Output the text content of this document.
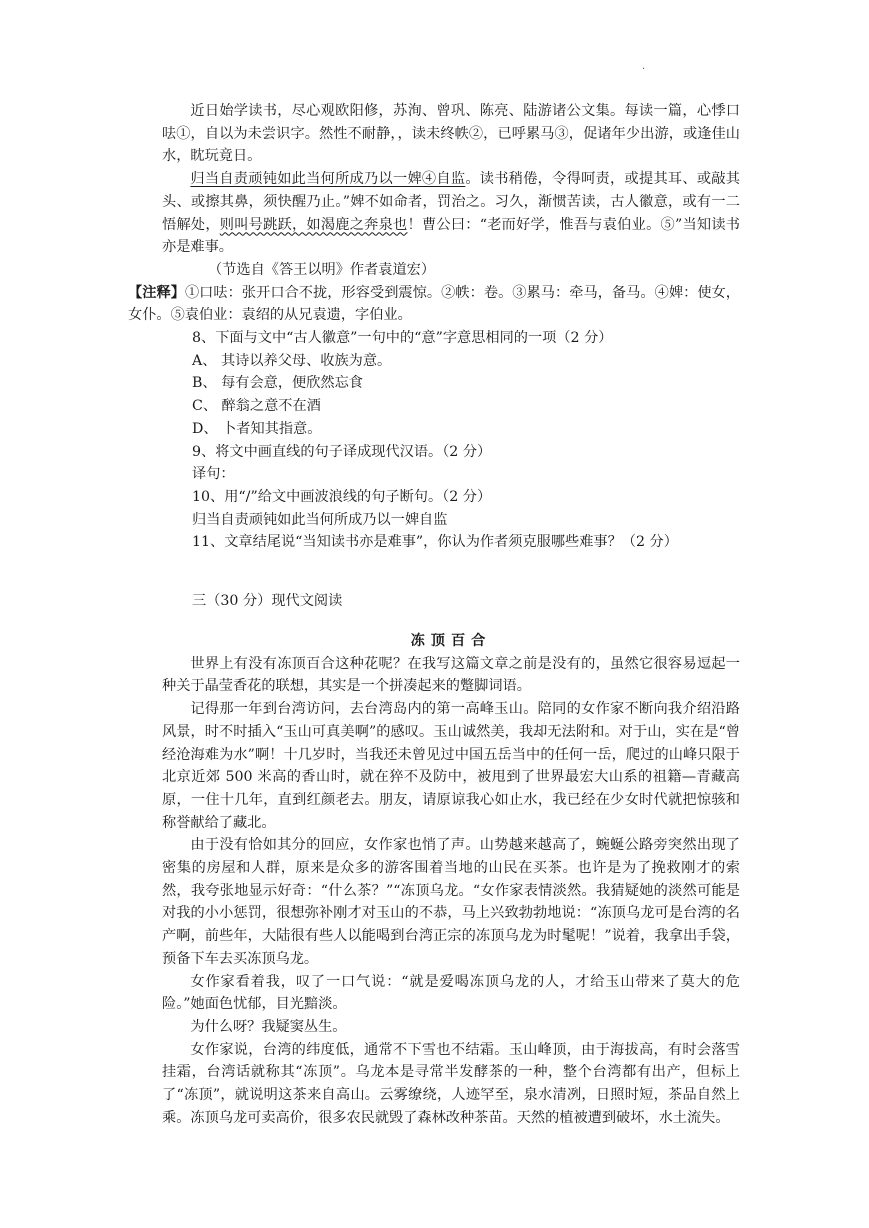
·

近日始学读书，尽心观欧阳修，苏洵、曾巩、陈亮、陆游诸公文集。每读一篇，心悸口呿①，自以为未尝识字。然性不耐静，，读未终帙②，已呼累马③，促诸年少出游，或逢佳山水，眈玩竟日。

归当自责顽钝如此当何所成乃以一婢④自监。读书稍倦，令得呵责，或提其耳、或敲其头、或擦其鼻，须快醒乃止。”婢不如命者，罚治之。习久，渐惯苦读，古人徽意，或有一二悟解处，则叫号跳跃，如渴鹿之奔泉也！曹公曰：“老而好学，惟吾与袁伯业。⑤”当知读书亦是难事。

（节选自《答王以明》作者袁道宏）

【注释】①口呿：张开口合不拢，形容受到震惊。②帙：卷。③累马：牵马，备马。④婢：使女，女仆。⑤袁伯业：袁绍的从兄袁遗，字伯业。

8、下面与文中“古人徽意”一句中的“意”字意思相同的一项（2 分）

A、 其诗以养父母、收族为意。

B、 每有会意，便欣然忘食

C、 醉翁之意不在酒

D、 卜者知其指意。

9、将文中画直线的句子译成现代汉语。（2 分）

译句：

10、用“/”给文中画波浪线的句子断句。（2 分）

归当自责顽钝如此当何所成乃以一婢自监

11、文章结尾说“当知读书亦是难事”，你认为作者须克服哪些难事？（2 分）

三（30 分）现代文阅读

冻顶百合

世界上有没有冻顶百合这种花呢？在我写这篇文章之前是没有的，虽然它很容易逗起一种关于晶莹香花的联想，其实是一个拼凑起来的蹩脚词语。

记得那一年到台湾访问，去台湾岛内的第一高峰玉山。陪同的女作家不断向我介绍沿路风景，时不时插入“玉山可真美啊”的感叹。玉山诚然美，我却无法附和。对于山，实在是“曾经沧海难为水”啊！十几岁时，当我还未曾见过中国五岳当中的任何一岳，爬过的山峰只限于北京近郊 500 米高的香山时，就在猝不及防中，被甩到了世界最宏大山系的祖籍—青藏高原，一住十几年，直到红颜老去。朋友，请原谅我心如止水，我已经在少女时代就把惊骇和称誉献给了藏北。

由于没有恰如其分的回应，女作家也悄了声。山势越来越高了，蜿蜒公路旁突然出现了密集的房屋和人群，原来是众多的游客围着当地的山民在买茶。也许是为了挽救刚才的索然，我夸张地显示好奇：“什么茶？”“冻顶乌龙。“女作家表情淡然。我猜疑她的淡然可能是对我的小小惩罚，很想弥补刚才对玉山的不恭，马上兴致勃勃地说：“冻顶乌龙可是台湾的名产啊，前些年，大陆很有些人以能喝到台湾正宗的冻顶乌龙为时髦呢！”说着，我拿出手袋，预备下车去买冻顶乌龙。

女作家看着我，叹了一口气说：“就是爱喝冻顶乌龙的人，才给玉山带来了莫大的危险。”她面色忧郁，目光黯淡。

为什么呀？我疑窦丛生。

女作家说，台湾的纬度低，通常不下雪也不结霜。玉山峰顶，由于海拔高，有时会落雪挂霜，台湾话就称其“冻顶”。乌龙本是寻常半发酵茶的一种，整个台湾都有出产，但标上了“冻顶”，就说明这茶来自高山。云雾缭绕，人迹罕至，泉水清冽，日照时短，茶品自然上乘。冻顶乌龙可卖高价，很多农民就毁了森林改种茶苗。天然的植被遭到破坏，水土流失。
